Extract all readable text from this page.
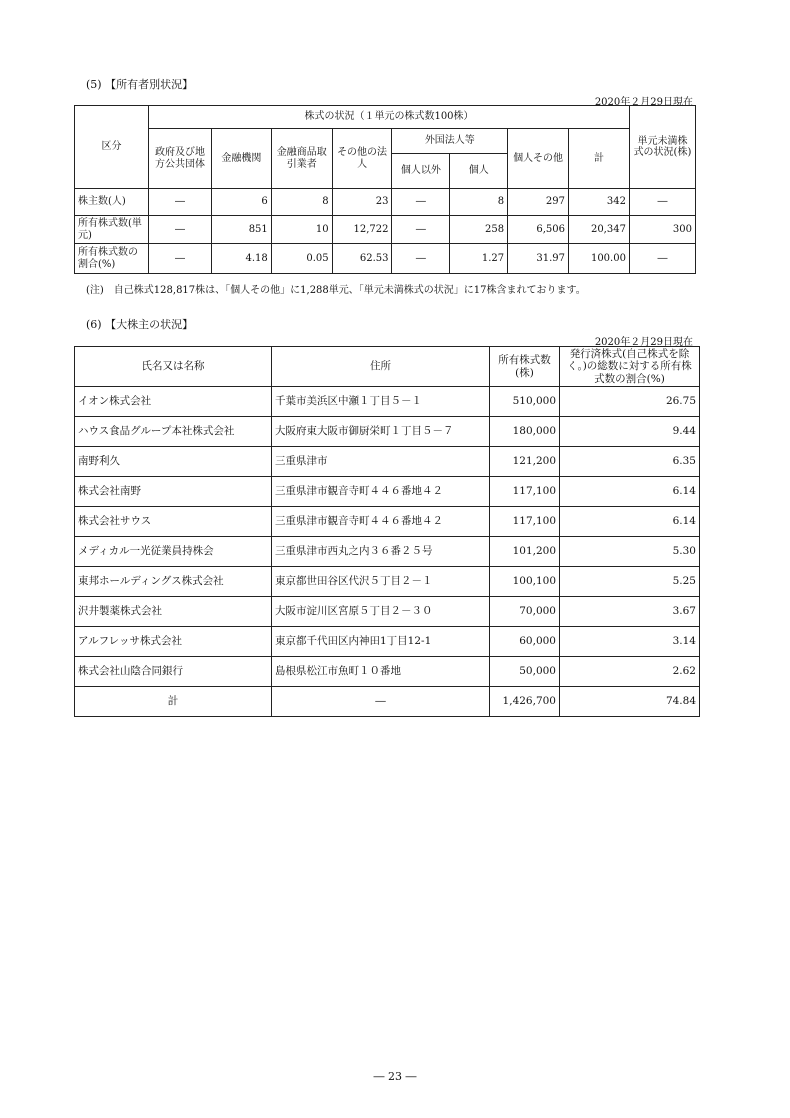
(5) 【所有者別状況】
2020年２月29日現在
区分	株式の状況（１単元の株式数100株）								単元未満株式の状況(株)
	政府及び地方公共団体	金融機関	金融商品取引業者	その他の法人	外国法人等		個人その他	計	
					個人以外	個人			
株主数(人)	―	6	8	23	―	8	297	342	―
所有株式数(単元)	―	851	10	12,722	―	258	6,506	20,347	300
所有株式数の割合(%)	―	4.18	0.05	62.53	―	1.27	31.97	100.00	―
(注)　自己株式128,817株は、「個人その他」に1,288単元、「単元未満株式の状況」に17株含まれております。
(6) 【大株主の状況】
2020年２月29日現在
氏名又は名称	住所	所有株式数(株)	発行済株式(自己株式を除く。)の総数に対する所有株式数の割合(%)
イオン株式会社	千葉市美浜区中瀬１丁目５－１	510,000	26.75
ハウス食品グループ本社株式会社	大阪府東大阪市御厨栄町１丁目５－７	180,000	9.44
南野利久	三重県津市	121,200	6.35
株式会社南野	三重県津市観音寺町４４６番地４２	117,100	6.14
株式会社サウス	三重県津市観音寺町４４６番地４２	117,100	6.14
メディカル一光従業員持株会	三重県津市西丸之内３６番２５号	101,200	5.30
東邦ホールディングス株式会社	東京都世田谷区代沢５丁目２－１	100,100	5.25
沢井製薬株式会社	大阪市淀川区宮原５丁目２－３０	70,000	3.67
アルフレッサ株式会社	東京都千代田区内神田1丁目12-1	60,000	3.14
株式会社山陰合同銀行	島根県松江市魚町１０番地	50,000	2.62
計	―	1,426,700	74.84
― 23 ―
